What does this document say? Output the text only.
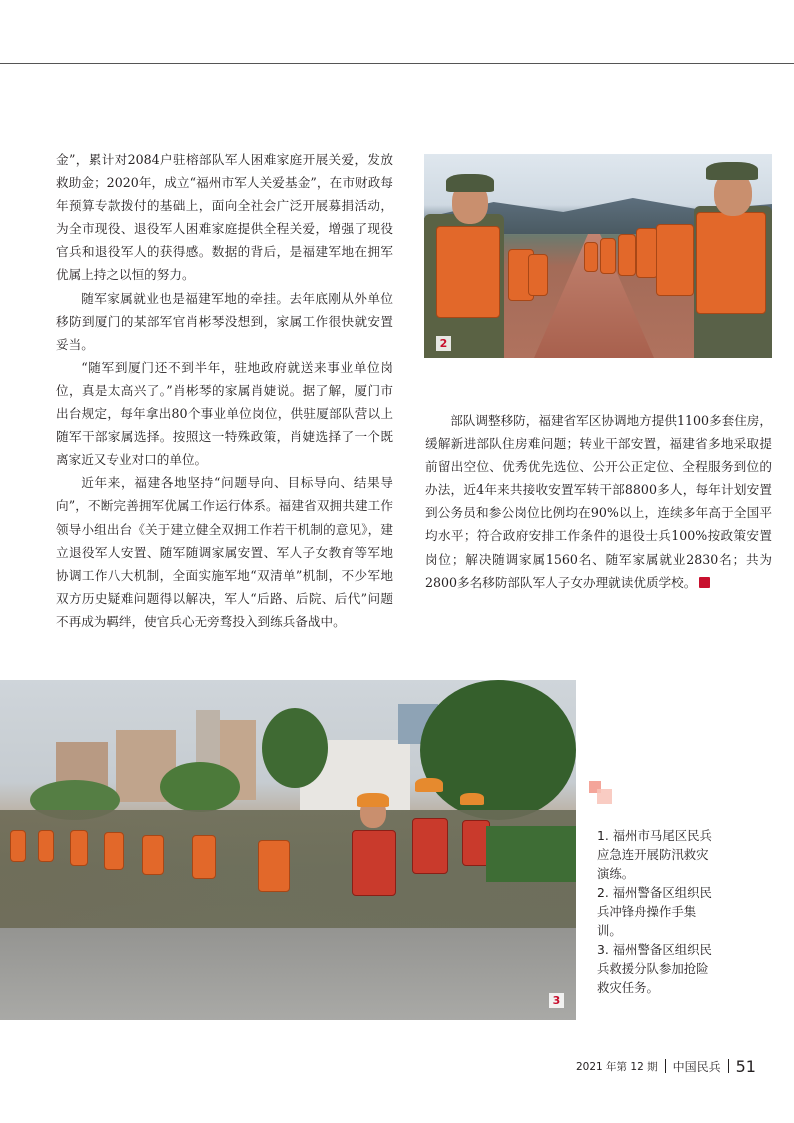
金”，累计对2084户驻榕部队军人困难家庭开展关爱，发放救助金；2020年，成立“福州市军人关爱基金”，在市财政每年预算专款拨付的基础上，面向全社会广泛开展募捐活动，为全市现役、退役军人困难家庭提供全程关爱，增强了现役官兵和退役军人的获得感。数据的背后，是福建军地在拥军优属上持之以恒的努力。

随军家属就业也是福建军地的牵挂。去年底刚从外单位移防到厦门的某部军官肖彬琴没想到，家属工作很快就安置妥当。

“随军到厦门还不到半年，驻地政府就送来事业单位岗位，真是太高兴了。”肖彬琴的家属肖婕说。据了解，厦门市出台规定，每年拿出80个事业单位岗位，供驻厦部队营以上随军干部家属选择。按照这一特殊政策，肖婕选择了一个既离家近又专业对口的单位。

近年来，福建各地坚持“问题导向、目标导向、结果导向”，不断完善拥军优属工作运行体系。福建省双拥共建工作领导小组出台《关于建立健全双拥工作若干机制的意见》，建立退役军人安置、随军随调家属安置、军人子女教育等军地协调工作八大机制，全面实施军地“双清单”机制，不少军地双方历史疑难问题得以解决，军人“后路、后院、后代”问题不再成为羁绊，使官兵心无旁骛投入到练兵备战中。

2

部队调整移防，福建省军区协调地方提供1100多套住房，缓解新进部队住房难问题；转业干部安置，福建省多地采取提前留出空位、优秀优先选位、公开公正定位、全程服务到位的办法，近4年来共接收安置军转干部8800多人，每年计划安置到公务员和参公岗位比例均在90%以上，连续多年高于全国平均水平；符合政府安排工作条件的退役士兵100%按政策安置岗位；解决随调家属1560名、随军家属就业2830名；共为2800多名移防部队军人子女办理就读优质学校。

3

1. 福州市马尾区民兵应急连开展防汛救灾演练。

2. 福州警备区组织民兵冲锋舟操作手集训。

3. 福州警备区组织民兵救援分队参加抢险救灾任务。

2021 年第 12 期 中国民兵 51
